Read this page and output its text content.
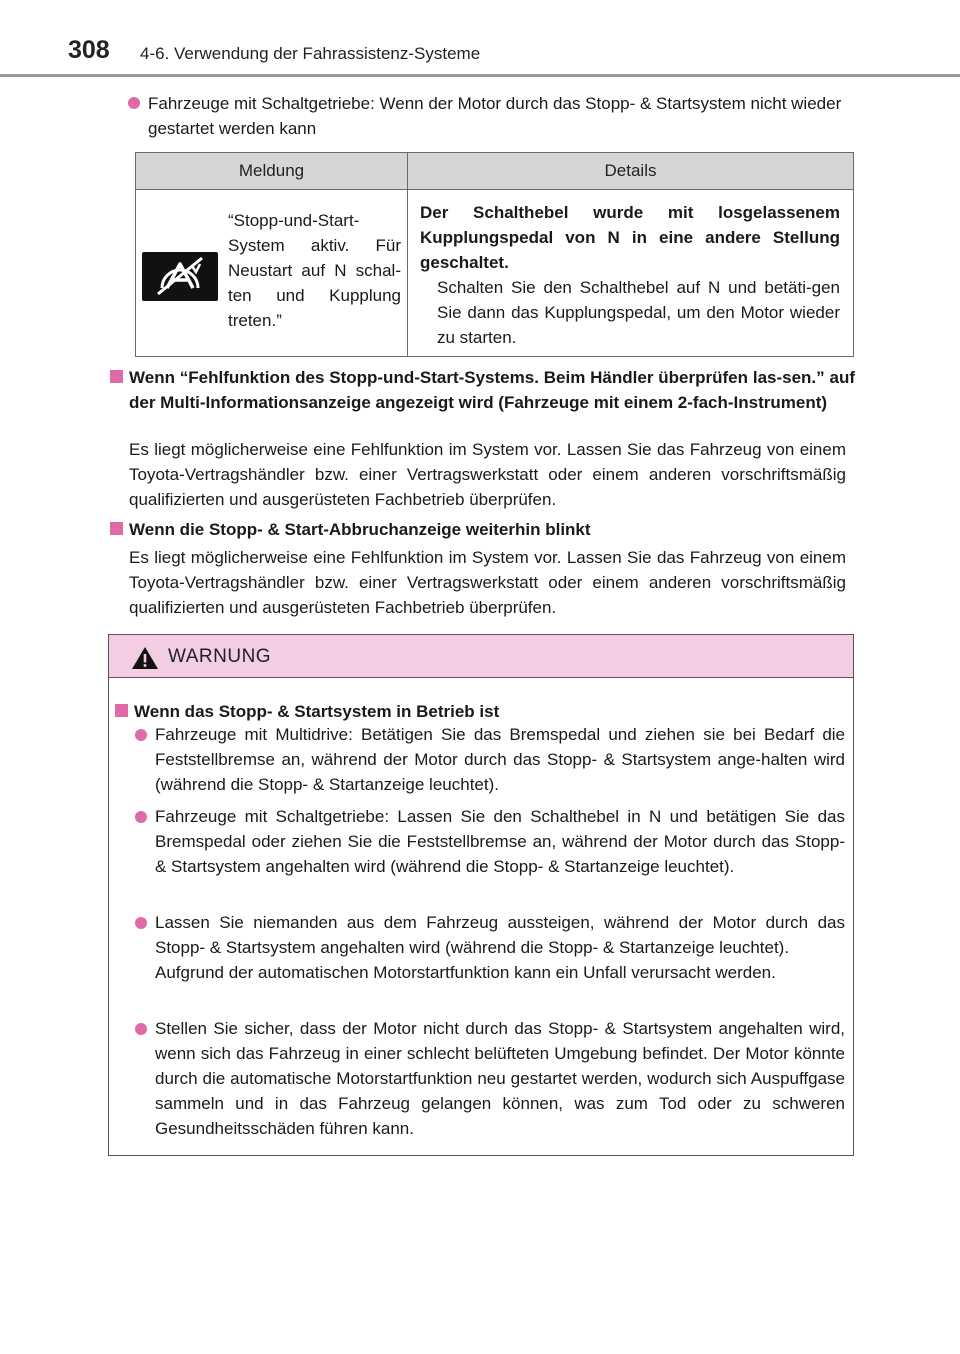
308 4-6. Verwendung der Fahrassistenz-Systeme
Fahrzeuge mit Schaltgetriebe: Wenn der Motor durch das Stopp- & Startsystem nicht wieder gestartet werden kann
Meldung	Details

“Stopp-und-Start-System aktiv. Für Neustart auf N schal-ten und Kupplung treten.”	Der Schalthebel wurde mit losgelassenem Kupplungspedal von N in eine andere Stellung geschaltet.
Schalten Sie den Schalthebel auf N und betäti-gen Sie dann das Kupplungspedal, um den Motor wieder zu starten.
Wenn “Fehlfunktion des Stopp-und-Start-Systems. Beim Händler überprüfen las-sen.” auf der Multi-Informationsanzeige angezeigt wird (Fahrzeuge mit einem 2-fach-Instrument)
Es liegt möglicherweise eine Fehlfunktion im System vor. Lassen Sie das Fahrzeug von einem Toyota-Vertragshändler bzw. einer Vertragswerkstatt oder einem anderen vorschriftsmäßig qualifizierten und ausgerüsteten Fachbetrieb überprüfen.
Wenn die Stopp- & Start-Abbruchanzeige weiterhin blinkt
Es liegt möglicherweise eine Fehlfunktion im System vor. Lassen Sie das Fahrzeug von einem Toyota-Vertragshändler bzw. einer Vertragswerkstatt oder einem anderen vorschriftsmäßig qualifizierten und ausgerüsteten Fachbetrieb überprüfen.
WARNUNG
Wenn das Stopp- & Startsystem in Betrieb ist
Fahrzeuge mit Multidrive: Betätigen Sie das Bremspedal und ziehen sie bei Bedarf die Feststellbremse an, während der Motor durch das Stopp- & Startsystem ange-halten wird (während die Stopp- & Startanzeige leuchtet).
Fahrzeuge mit Schaltgetriebe: Lassen Sie den Schalthebel in N und betätigen Sie das Bremspedal oder ziehen Sie die Feststellbremse an, während der Motor durch das Stopp- & Startsystem angehalten wird (während die Stopp- & Startanzeige leuchtet).
Lassen Sie niemanden aus dem Fahrzeug aussteigen, während der Motor durch das Stopp- & Startsystem angehalten wird (während die Stopp- & Startanzeige leuchtet).
Aufgrund der automatischen Motorstartfunktion kann ein Unfall verursacht werden.
Stellen Sie sicher, dass der Motor nicht durch das Stopp- & Startsystem angehalten wird, wenn sich das Fahrzeug in einer schlecht belüfteten Umgebung befindet. Der Motor könnte durch die automatische Motorstartfunktion neu gestartet werden, wodurch sich Auspuffgase sammeln und in das Fahrzeug gelangen können, was zum Tod oder zu schweren Gesundheitsschäden führen kann.
